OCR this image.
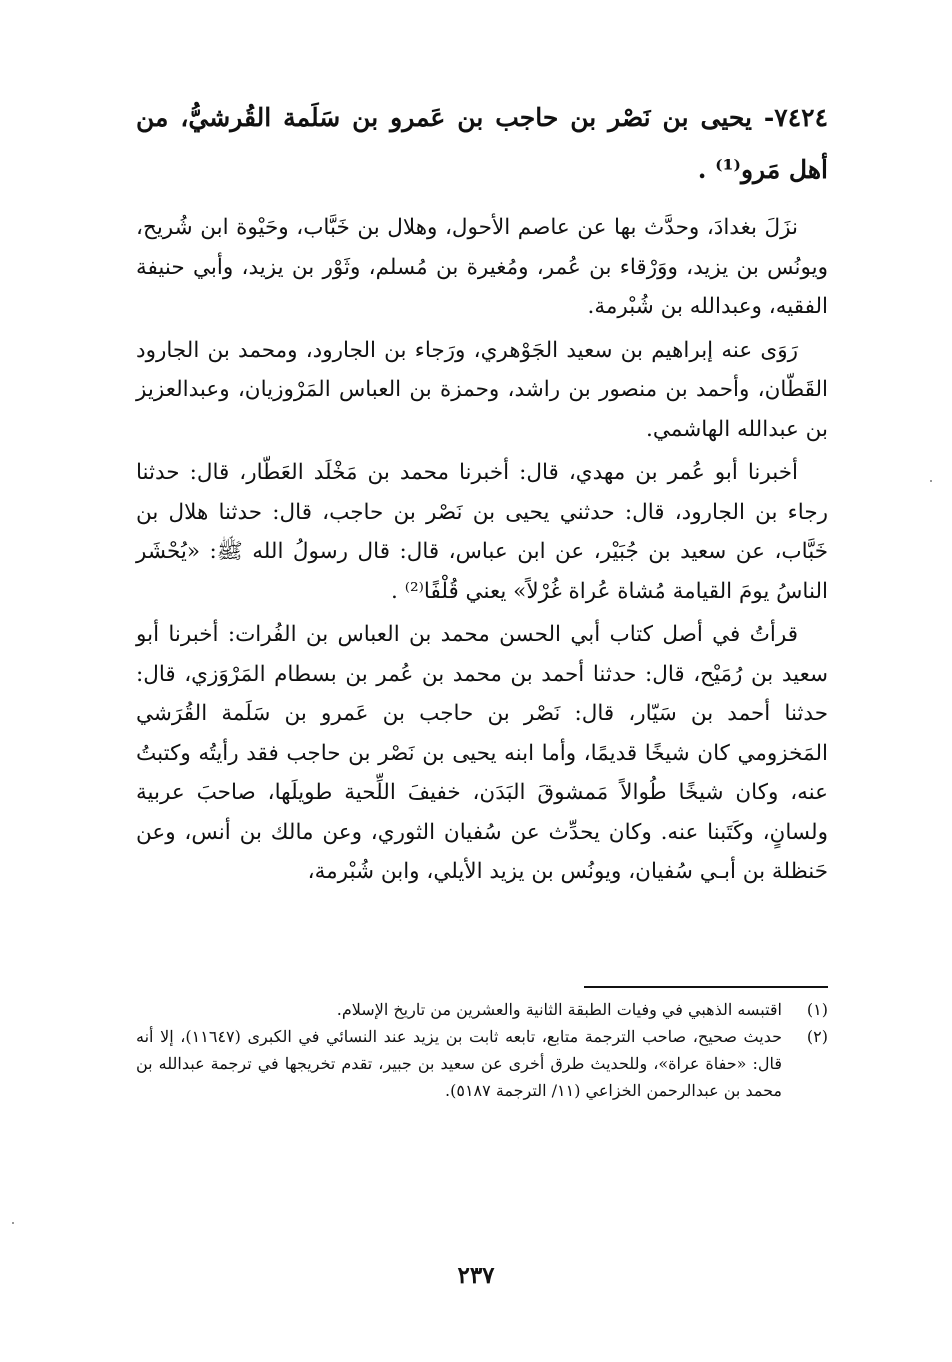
٧٤٢٤- يحيى بن نَصْر بن حاجب بن عَمرو بن سَلَمة القُرشيُّ، من أهل مَرو⁽¹⁾ .

نزَلَ بغدادَ، وحدَّث بها عن عاصم الأحول، وهلال بن خَبَّاب، وحَيْوة ابن شُريح، ويونُس بن يزيد، ووَرْقاء بن عُمر، ومُغيرة بن مُسلم، وثَوْر بن يزيد، وأبي حنيفة الفقيه، وعبدالله بن شُبْرمة.

رَوَى عنه إبراهيم بن سعيد الجَوْهري، ورَجاء بن الجارود، ومحمد بن الجارود القَطّان، وأحمد بن منصور بن راشد، وحمزة بن العباس المَرْوزيان، وعبدالعزيز بن عبدالله الهاشمي.

أخبرنا أبو عُمر بن مهدي، قال: أخبرنا محمد بن مَخْلَد العَطّار، قال: حدثنا رجاء بن الجارود، قال: حدثني يحيى بن نَصْر بن حاجب، قال: حدثنا هلال بن خَبَّاب، عن سعيد بن جُبَيْر، عن ابن عباس، قال: قال رسولُ الله ﷺ: «يُحْشَر الناسُ يومَ القيامة مُشاة عُراة غُرْلاً» يعني قُلْفًا⁽²⁾ .

قرأتُ في أصل كتاب أبي الحسن محمد بن العباس بن الفُرات: أخبرنا أبو سعيد بن رُمَيْح، قال: حدثنا أحمد بن محمد بن عُمر بن بسطام المَرْوَزي، قال: حدثنا أحمد بن سَيّار، قال: نَصْر بن حاجب بن عَمرو بن سَلَمة القُرَشي المَخزومي كان شيخًا قديمًا، وأما ابنه يحيى بن نَصْر بن حاجب فقد رأيتُه وكتبتُ عنه، وكان شيخًا طُوالاً مَمشوقَ البَدَن، خفيفَ اللِّحية طويلَها، صاحبَ عربية ولسانٍ، وكَتَبنا عنه. وكان يحدِّث عن سُفيان الثوري، وعن مالك بن أنس، وعن حَنظلة بن أبـي سُفيان، ويونُس بن يزيد الأيلي، وابن شُبْرمة،

(١)
اقتبسه الذهبي في وفيات الطبقة الثانية والعشرين من تاريخ الإسلام.
(٢)
حديث صحيح، صاحب الترجمة متابع، تابعه ثابت بن يزيد عند النسائي في الكبرى (١١٦٤٧)، إلا أنه قال: «حفاة عراة»، وللحديث طرق أخرى عن سعيد بن جبير، تقدم تخريجها في ترجمة عبدالله بن محمد بن عبدالرحمن الخزاعي (١١/ الترجمة ٥١٨٧).
٢٣٧
